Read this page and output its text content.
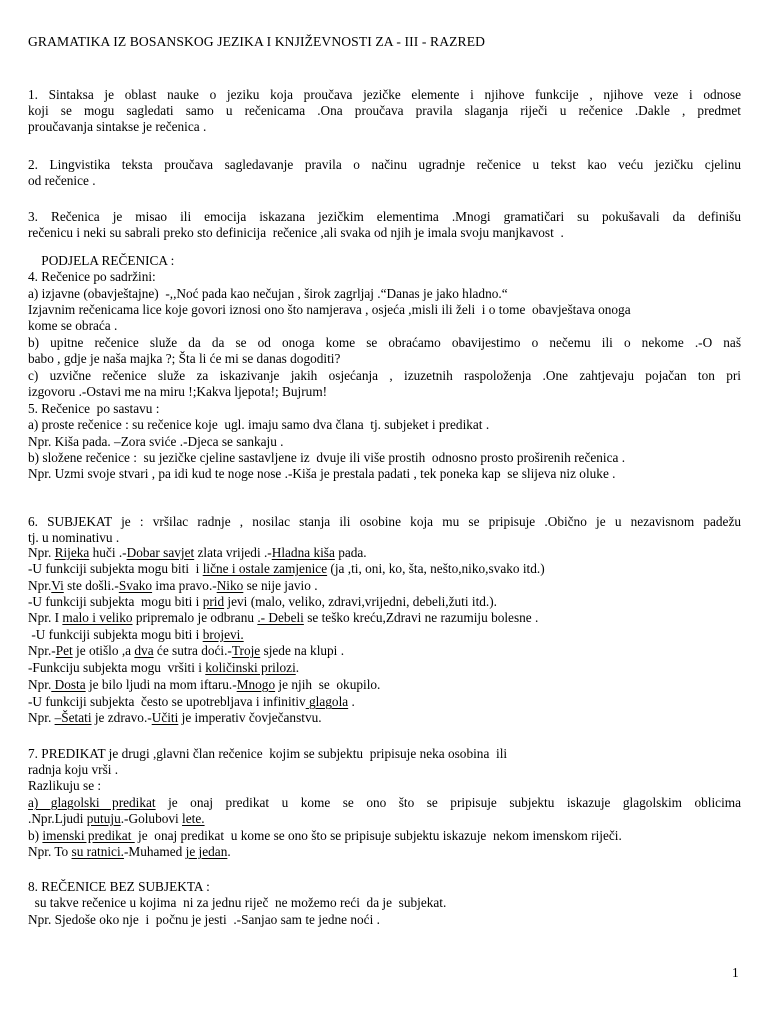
GRAMATIKA IZ BOSANSKOG JEZIKA I KNJIŽEVNOSTI ZA - III - RAZRED
1. Sintaksa je oblast nauke o jeziku koja proučava jezičke elemente i njihove funkcije , njihove veze i odnose
koji se mogu sagledati samo u rečenicama .Ona proučava pravila slaganja riječi u rečenice .Dakle , predmet
proučavanja sintakse je rečenica .
2. Lingvistika teksta proučava sagledavanje pravila o načinu ugradnje rečenice u tekst kao veću jezičku cjelinu
od rečenice .
3. Rečenica je misao ili emocija iskazana jezičkim elementima .Mnogi gramatičari su pokušavali da definišu
rečenicu i neki su sabrali preko sto definicija  rečenice ,ali svaka od njih je imala svoju manjkavost  .
PODJELA REČENICA :
4. Rečenice po sadržini:
a) izjavne (obavještajne)  -,,Noć pada kao nečujan , širok zagrljaj .“Danas je jako hladno.“
Izjavnim rečenicama lice koje govori iznosi ono što namjerava , osjeća ,misli ili želi  i o tome  obavještava onoga
kome se obraća .
b) upitne rečenice služe da da se od onoga kome se obraćamo obavijestimo o nečemu ili o nekome .-O naš
babo , gdje je naša majka ?; Šta li će mi se danas dogoditi?
c) uzvične rečenice služe za iskazivanje jakih osjećanja , izuzetnih raspoloženja .One zahtjevaju pojačan ton pri
izgovoru .-Ostavi me na miru !;Kakva ljepota!; Bujrum!
5. Rečenice  po sastavu :
a) proste rečenice : su rečenice koje  ugl. imaju samo dva člana  tj. subjeket i predikat .
Npr. Kiša pada. –Zora sviće .-Djeca se sankaju .
b) složene rečenice :  su jezičke cjeline sastavljene iz  dvuje ili više prostih  odnosno prosto proširenih rečenica .
Npr. Uzmi svoje stvari , pa idi kud te noge nose .-Kiša je prestala padati , tek poneka kap  se slijeva niz oluke .
6. SUBJEKAT je : vršilac radnje , nosilac stanja ili osobine koja mu se pripisuje .Obično je u nezavisnom padežu
tj. u nominativu .
Npr. Rijeka huči .-Dobar savjet zlata vrijedi .-Hladna kiša pada.
-U funkciji subjekta mogu biti  i lične i ostale zamjenice (ja ,ti, oni, ko, šta, nešto,niko,svako itd.)
Npr.Vi ste došli.-Svako ima pravo.-Niko se nije javio .
-U funkciji subjekta  mogu biti i prid jevi (malo, veliko, zdravi,vrijedni, debeli,žuti itd.).
Npr. I malo i veliko pripremalo je odbranu .- Debeli se teško kreću,Zdravi ne razumiju bolesne .
-U funkciji subjekta mogu biti i brojevi.
Npr.-Pet je otišlo ,a dva će sutra doći.-Troje sjede na klupi .
-Funkciju subjekta mogu  vršiti i količinski prilozi.
Npr. Dosta je bilo ljudi na mom iftaru.-Mnogo je njih  se  okupilo.
-U funkciji subjekta  često se upotrebljava i infinitiv glagola .
Npr. –Šetati je zdravo.-Učiti je imperativ čovječanstvu.
7. PREDIKAT je drugi ,glavni član rečenice  kojim se subjektu  pripisuje neka osobina  ili
radnja koju vrši .
Razlikuju se :
a) glagolski predikat je onaj predikat u kome se ono što se pripisuje subjektu iskazuje glagolskim oblicima
.Npr.Ljudi putuju.-Golubovi lete.
b) imenski predikat  je  onaj predikat  u kome se ono što se pripisuje subjektu iskazuje  nekom imenskom riječi.
Npr. To su ratnici.-Muhamed je jedan.
8. REČENICE BEZ SUBJEKTA :
su takve rečenice u kojima  ni za jednu riječ  ne možemo reći  da je  subjekat.
Npr. Sjedoše oko nje  i  počnu je jesti  .-Sanjao sam te jedne noći .
1
